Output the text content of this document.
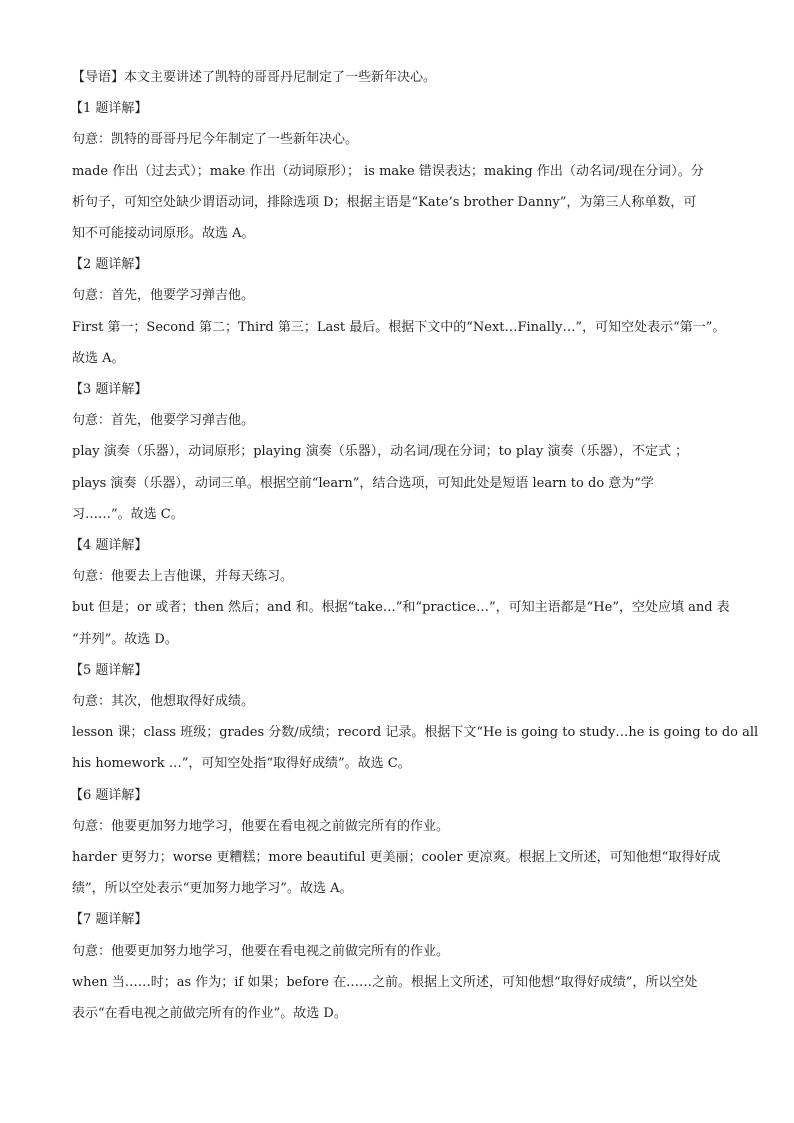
【导语】本文主要讲述了凯特的哥哥丹尼制定了一些新年决心。
【1 题详解】
句意：凯特的哥哥丹尼今年制定了一些新年决心。
made 作出（过去式）；make 作出（动词原形）； is make 错误表达；making 作出（动名词/现在分词）。分
析句子，可知空处缺少谓语动词，排除选项 D；根据主语是“Kate’s brother Danny”，为第三人称单数，可
知不可能接动词原形。故选 A。
【2 题详解】
句意：首先，他要学习弹吉他。
First 第一；Second 第二；Third 第三；Last 最后。根据下文中的“Next…Finally…”，可知空处表示“第一”。
故选 A。
【3 题详解】
句意：首先，他要学习弹吉他。
play 演奏（乐器），动词原形；playing 演奏（乐器），动名词/现在分词；to play 演奏（乐器），不定式 ；
plays 演奏（乐器），动词三单。根据空前“learn”，结合选项，可知此处是短语 learn to do 意为“学
习……”。故选 C。
【4 题详解】
句意：他要去上吉他课，并每天练习。
but 但是；or 或者；then 然后；and 和。根据“take…”和“practice…”，可知主语都是“He”，空处应填 and 表
“并列”。故选 D。
【5 题详解】
句意：其次，他想取得好成绩。
lesson 课；class 班级；grades 分数/成绩；record 记录。根据下文“He is going to study…he is going to do all
his homework …”，可知空处指“取得好成绩”。故选 C。
【6 题详解】
句意：他要更加努力地学习，他要在看电视之前做完所有的作业。
harder 更努力；worse 更糟糕；more beautiful 更美丽；cooler 更凉爽。根据上文所述，可知他想“取得好成
绩”，所以空处表示“更加努力地学习”。故选 A。
【7 题详解】
句意：他要更加努力地学习，他要在看电视之前做完所有的作业。
when 当……时；as 作为；if 如果；before 在……之前。根据上文所述，可知他想“取得好成绩”，所以空处
表示“在看电视之前做完所有的作业”。故选 D。
